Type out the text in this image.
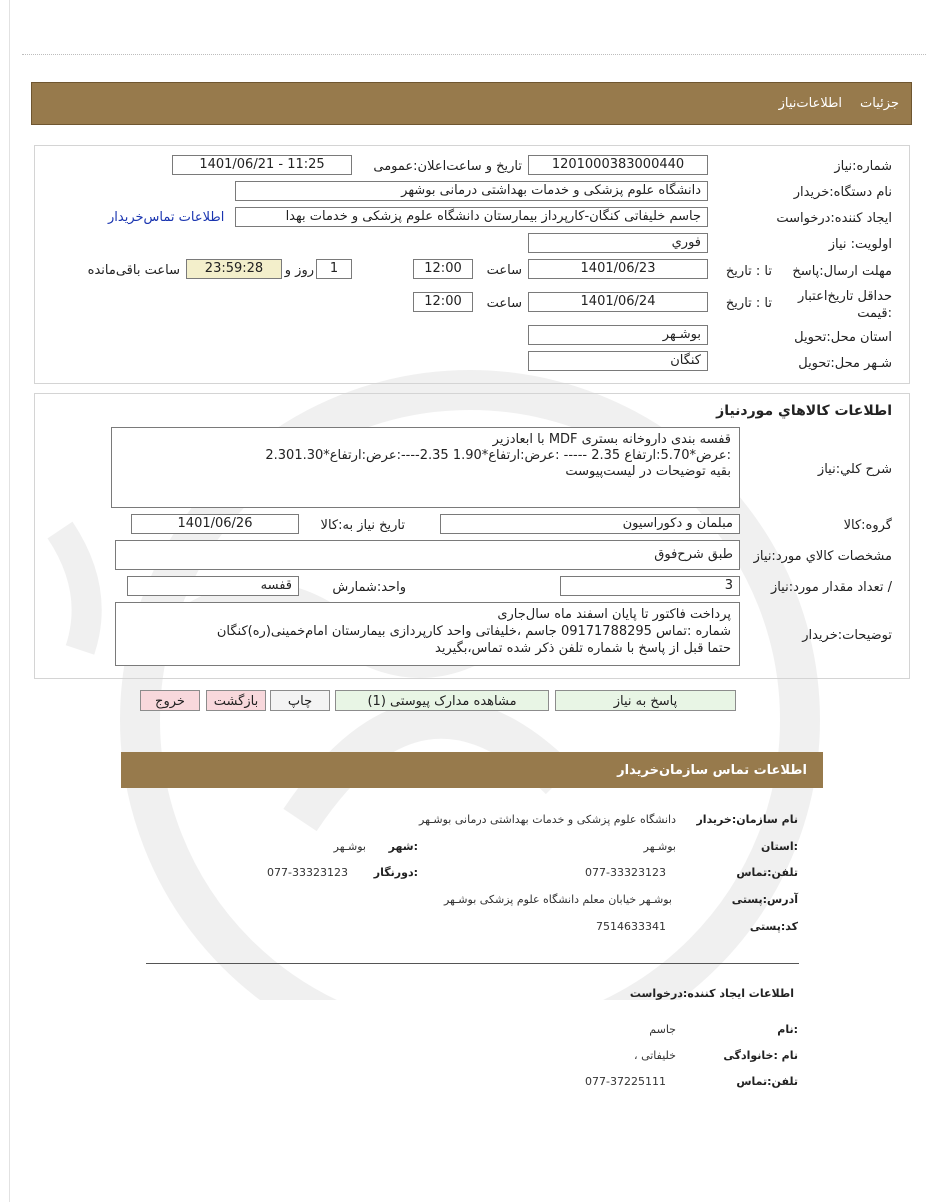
جزئیات
اطلاعات‌نیاز
شماره:نیاز
1201000383000440
تاریخ و ساعت‌اعلان:عمومی
1401/06/21 - 11:25
نام دستگاه:خریدار
دانشگاه علوم پزشکی و خدمات بهداشتی درمانی بوشهر
ایجاد کننده:درخواست
جاسم خلیفاتی کنگان-کارپرداز بیمارستان دانشگاه علوم پزشکی و خدمات بهدا
اطلاعات تماس‌خریدار
اولویت: نیاز
فوري
مهلت ارسال:پاسخ
تا : تاریخ
1401/06/23
ساعت
12:00
1
روز و
23:59:28
ساعت باقی‌مانده
حداقل تاریخ‌اعتبار
:قیمت
تا : تاریخ
1401/06/24
ساعت
12:00
استان محل:تحویل
بوشـهر
شـهر محل:تحویل
کنگان
اطلاعات کالاهاي موردنیاز
شرح کلي:نیاز
قفسه بندی داروخانه بستری MDF با ابعادزیر
:عرض*5.70:ارتفاع 2.35 ----- :عرض:ارتفاع*1.90 2.35----:عرض:ارتفاع*2.301.30
بقیه توضیحات در لیست‌پیوست
گروه:کالا
مبلمان و دکوراسیون
تاریخ نیاز به:کالا
1401/06/26
مشخصات کالاي مورد:نیاز
طبق شرح‌فوق
/ تعداد مقدار مورد:نیاز
3
واحد:شمارش
قفسه
توضیحات:خریدار
پرداخت فاکتور تا پایان اسفند ماه سال‌جاری
شماره :تماس 09171788295 جاسم ،خلیفاتی واحد کارپردازی بیمارستان امام‌خمینی(ره)کنگان
حتما قبل از پاسخ با شماره تلفن ذکر شده تماس،بگیرید
پاسخ به نیاز
مشاهده مدارک پیوستی (1)
چاپ
بازگشت
خروج
اطلاعات تماس سازمان‌خریدار
نام سازمان:خریدار
دانشگاه علوم پزشکی و خدمات بهداشتی درمانی بوشـهر
:استان
بوشـهر
:شهر
بوشـهر
تلفن:تماس
077-33323123
:دورنگار
077-33323123
آدرس:پستی
بوشـهر خیابان معلم دانشگاه علوم پزشکی بوشـهر
کد:پستی
7514633341
اطلاعات ایجاد کننده:درخواست
:نام
جاسم
نام :خانوادگی
خلیفاتی ،
تلفن:تماس
077-37225111
